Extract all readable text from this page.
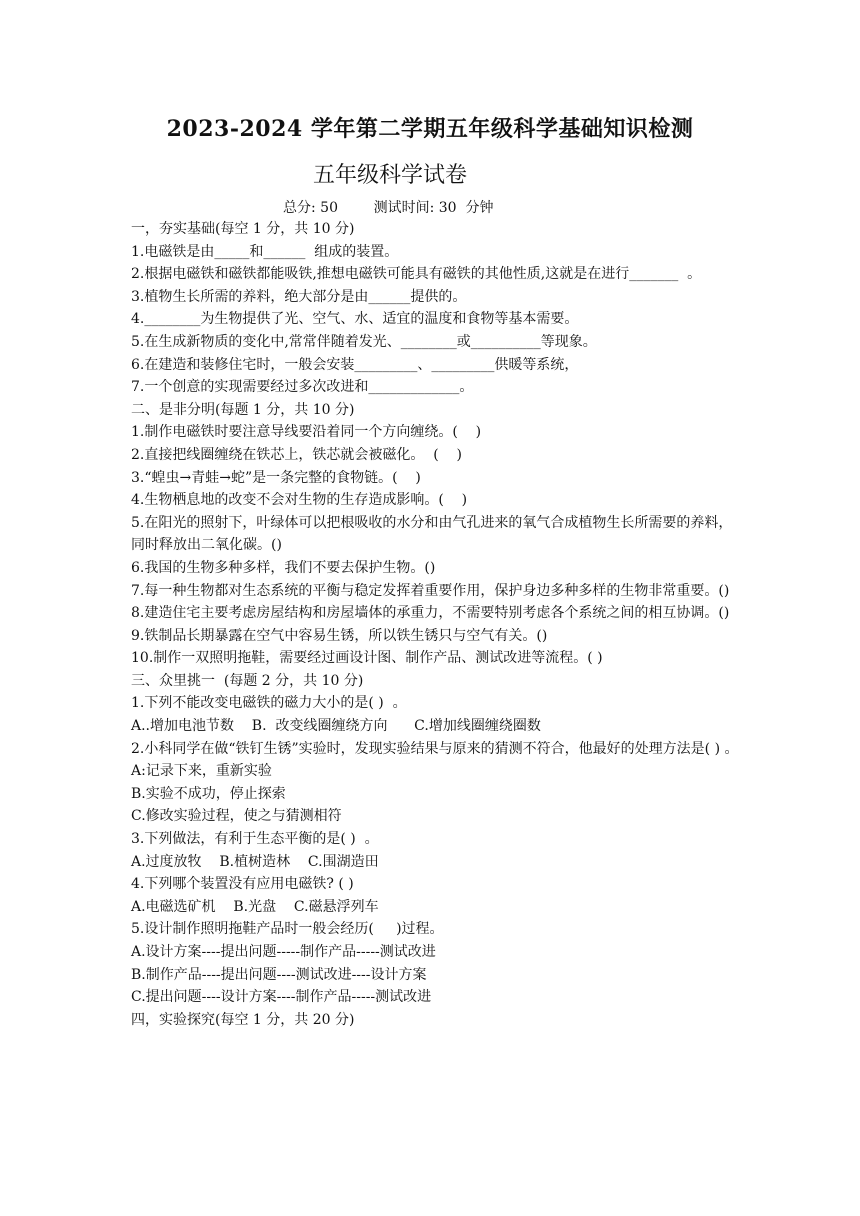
2023-2024 学年第二学期五年级科学基础知识检测
五年级科学试卷
总分: 50        测试时间: 30  分钟
一，夯实基础(每空 1 分，共 10 分)
1.电磁铁是由_____和______  组成的装置。
2.根据电磁铁和磁铁都能吸铁,推想电磁铁可能具有磁铁的其他性质,这就是在进行_______  。
3.植物生长所需的养料，绝大部分是由______提供的。
4.________为生物提供了光、空气、水、适宜的温度和食物等基本需要。
5.在生成新物质的变化中,常常伴随着发光、________或__________等现象。
6.在建造和装修住宅时，一般会安装_________、_________供暖等系统，
7.一个创意的实现需要经过多次改进和_____________。
二、是非分明(每题 1 分，共 10 分)
1.制作电磁铁时要注意导线要沿着同一个方向缠绕。(    )
2.直接把线圈缠绕在铁芯上，铁芯就会被磁化。  (    )
3.“蝗虫→青蛙→蛇”是一条完整的食物链。(    )
4.生物栖息地的改变不会对生物的生存造成影响。(    )
5.在阳光的照射下，叶绿体可以把根吸收的水分和由气孔进来的氧气合成植物生长所需要的养料，同时释放出二氧化碳。()
6.我国的生物多种多样，我们不要去保护生物。()
7.每一种生物都对生态系统的平衡与稳定发挥着重要作用，保护身边多种多样的生物非常重要。()
8.建造住宅主要考虑房屋结构和房屋墙体的承重力，不需要特别考虑各个系统之间的相互协调。()
9.铁制品长期暴露在空气中容易生锈，所以铁生锈只与空气有关。()
10.制作一双照明拖鞋，需要经过画设计图、制作产品、测试改进等流程。( )
三、众里挑一  (每题 2 分，共 10 分)
1.下列不能改变电磁铁的磁力大小的是( )  。
A..增加电池节数    B.  改变线圈缠绕方向      C.增加线圈缠绕圈数
2.小科同学在做“铁钉生锈”实验时，发现实验结果与原来的猜测不符合，他最好的处理方法是( ) 。
A:记录下来，重新实验
B.实验不成功，停止探索
C.修改实验过程，使之与猜测相符
3.下列做法，有利于生态平衡的是( )  。
A.过度放牧    B.植树造林    C.围湖造田
4.下列哪个装置没有应用电磁铁? ( )
A.电磁选矿机    B.光盘    C.磁悬浮列车
5.设计制作照明拖鞋产品时一般会经历(     )过程。
A.设计方案----提出问题-----制作产品-----测试改进
B.制作产品----提出问题----测试改进----设计方案
C.提出问题----设计方案----制作产品-----测试改进
四，实验探究(每空 1 分，共 20 分)
